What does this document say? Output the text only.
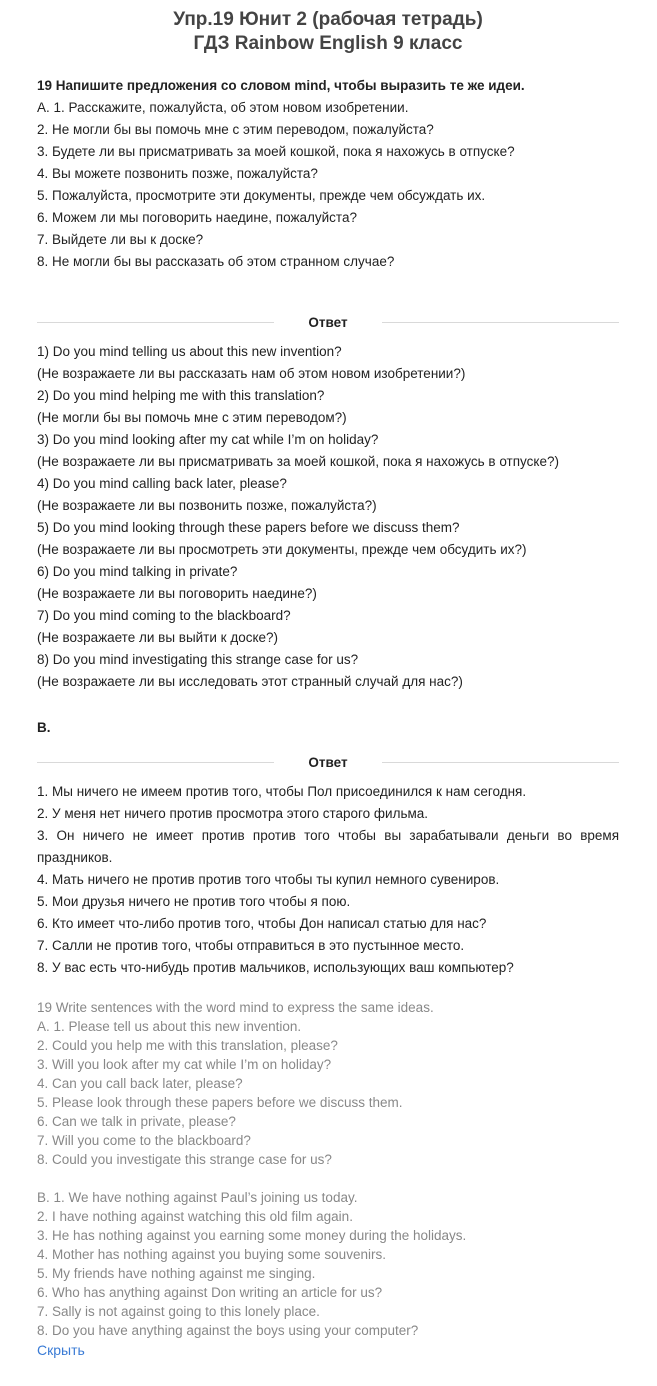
Упр.19 Юнит 2 (рабочая тетрадь)
ГДЗ Rainbow English 9 класс
19 Напишите предложения со словом mind, чтобы выразить те же идеи.
А. 1. Расскажите, пожалуйста, об этом новом изобретении.
2. Не могли бы вы помочь мне с этим переводом, пожалуйста?
3. Будете ли вы присматривать за моей кошкой, пока я нахожусь в отпуске?
4. Вы можете позвонить позже, пожалуйста?
5. Пожалуйста, просмотрите эти документы, прежде чем обсуждать их.
6. Можем ли мы поговорить наедине, пожалуйста?
7. Выйдете ли вы к доске?
8. Не могли бы вы рассказать об этом странном случае?
Ответ
1) Do you mind telling us about this new invention?
(Не возражаете ли вы рассказать нам об этом новом изобретении?)
2) Do you mind helping me with this translation?
(Не могли бы вы помочь мне с этим переводом?)
3) Do you mind looking after my cat while I’m on holiday?
(Не возражаете ли вы присматривать за моей кошкой, пока я нахожусь в отпуске?)
4) Do you mind calling back later, please?
(Не возражаете ли вы позвонить позже, пожалуйста?)
5) Do you mind looking through these papers before we discuss them?
(Не возражаете ли вы просмотреть эти документы, прежде чем обсудить их?)
6) Do you mind talking in private?
(Не возражаете ли вы поговорить наедине?)
7) Do you mind coming to the blackboard?
(Не возражаете ли вы выйти к доске?)
8) Do you mind investigating this strange case for us?
(Не возражаете ли вы исследовать этот странный случай для нас?)
B.
Ответ
1. Мы ничего не имеем против того, чтобы Пол присоединился к нам сегодня.
2. У меня нет ничего против просмотра этого старого фильма.
3. Он ничего не имеет против против того чтобы вы зарабатывали деньги во время праздников.
4. Мать ничего не против против того чтобы ты купил немного сувениров.
5. Мои друзья ничего не против того чтобы я пою.
6. Кто имеет что-либо против того, чтобы Дон написал статью для нас?
7. Салли не против того, чтобы отправиться в это пустынное место.
8. У вас есть что-нибудь против мальчиков, использующих ваш компьютер?
19 Write sentences with the word mind to express the same ideas.
A. 1. Please tell us about this new invention.
2. Could you help me with this translation, please?
3. Will you look after my cat while I’m on holiday?
4. Can you call back later, please?
5. Please look through these papers before we discuss them.
6. Can we talk in private, please?
7. Will you come to the blackboard?
8. Could you investigate this strange case for us?
B. 1. We have nothing against Paul’s joining us today.
2. I have nothing against watching this old film again.
3. He has nothing against you earning some money during the holidays.
4. Mother has nothing against you buying some souvenirs.
5. My friends have nothing against me singing.
6. Who has anything against Don writing an article for us?
7. Sally is not against going to this lonely place.
8. Do you have anything against the boys using your computer?
Скрыть
